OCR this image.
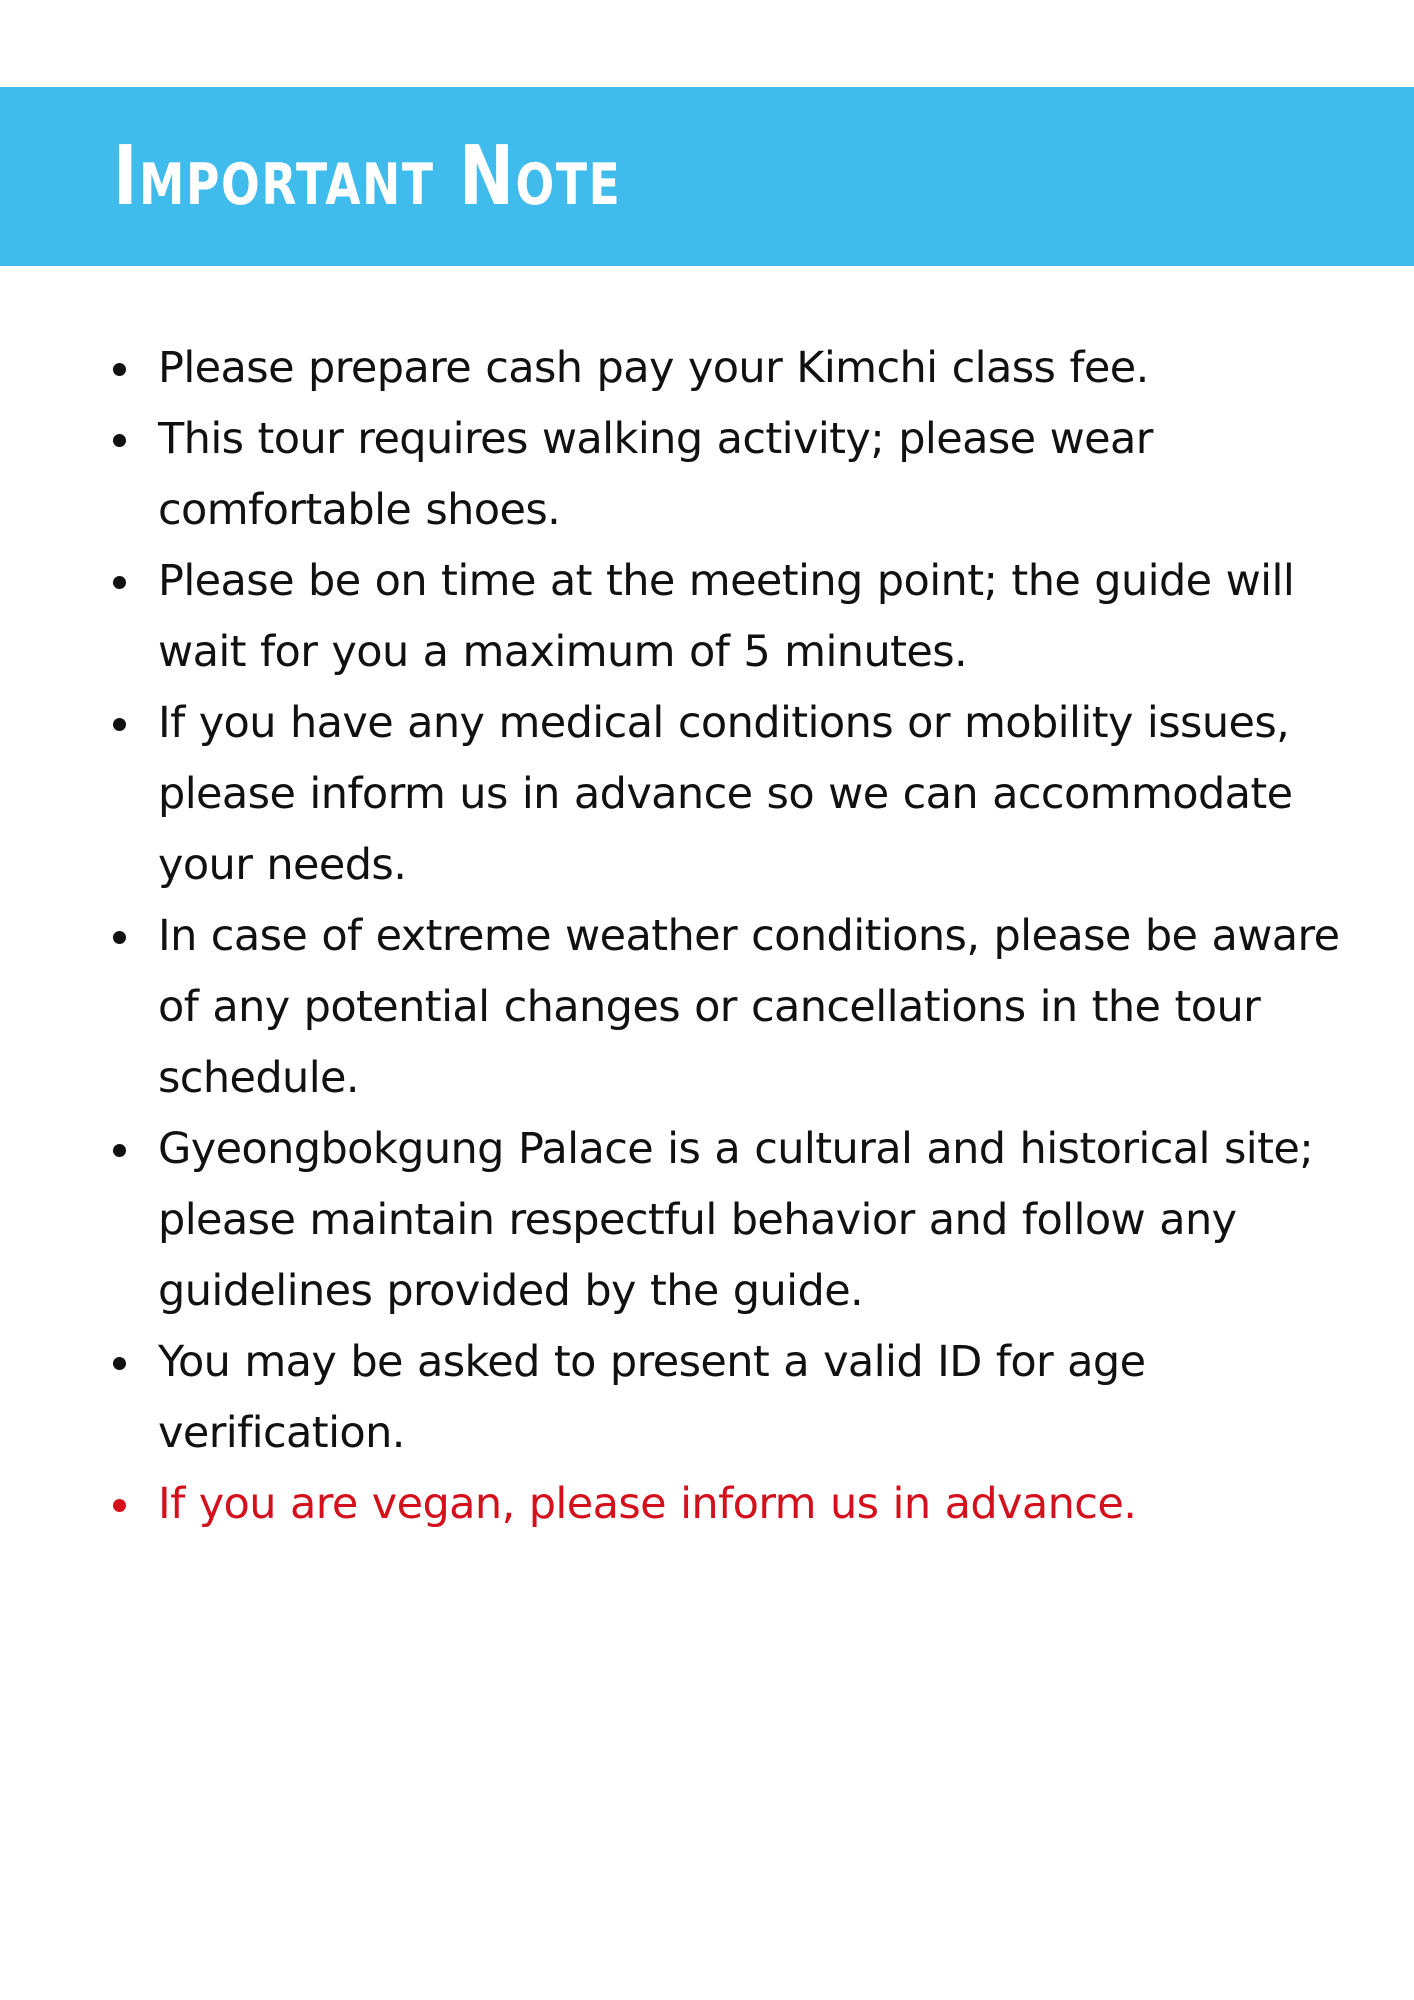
Important Note
Please prepare cash pay your Kimchi class fee.
This tour requires walking activity; please wear comfortable shoes.
Please be on time at the meeting point; the guide will wait for you a maximum of 5 minutes.
If you have any medical conditions or mobility issues, please inform us in advance so we can accommodate your needs.
In case of extreme weather conditions, please be aware of any potential changes or cancellations in the tour schedule.
Gyeongbokgung Palace is a cultural and historical site; please maintain respectful behavior and follow any guidelines provided by the guide.
You may be asked to present a valid ID for age verification.
If you are vegan, please inform us in advance.
